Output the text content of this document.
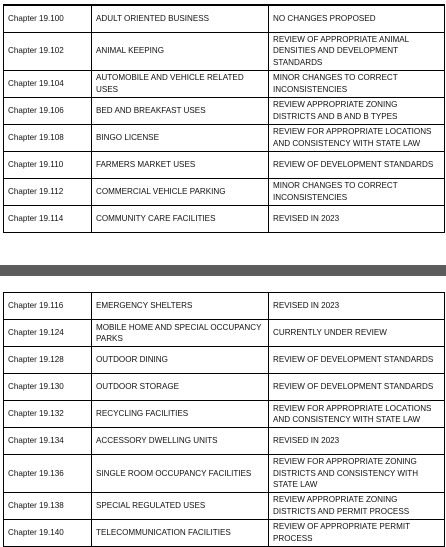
Chapter 19.100	ADULT ORIENTED BUSINESS	NO CHANGES PROPOSED
Chapter 19.102	ANIMAL KEEPING	REVIEW OF APPROPRIATE ANIMAL DENSITIES AND DEVELOPMENT STANDARDS
Chapter 19.104	AUTOMOBILE AND VEHICLE RELATED USES	MINOR CHANGES TO CORRECT INCONSISTENCIES
Chapter 19.106	BED AND BREAKFAST USES	REVIEW APPROPRIATE ZONING DISTRICTS AND B AND B TYPES
Chapter 19.108	BINGO LICENSE	REVIEW FOR APPROPRIATE LOCATIONS AND CONSISTENCY WITH STATE LAW
Chapter 19.110	FARMERS MARKET USES	REVIEW OF DEVELOPMENT STANDARDS
Chapter 19.112	COMMERCIAL VEHICLE PARKING	MINOR CHANGES TO CORRECT INCONSISTENCIES
Chapter 19.114	COMMUNITY CARE FACILITIES	REVISED IN 2023
Chapter 19.116	EMERGENCY SHELTERS	REVISED IN 2023
Chapter 19.124	MOBILE HOME AND SPECIAL OCCUPANCY PARKS	CURRENTLY UNDER REVIEW
Chapter 19.128	OUTDOOR DINING	REVIEW OF DEVELOPMENT STANDARDS
Chapter 19.130	OUTDOOR STORAGE	REVIEW OF DEVELOPMENT STANDARDS
Chapter 19.132	RECYCLING FACILITIES	REVIEW FOR APPROPRIATE LOCATIONS AND CONSISTENCY WITH STATE LAW
Chapter 19.134	ACCESSORY DWELLING UNITS	REVISED IN 2023
Chapter 19.136	SINGLE ROOM OCCUPANCY FACILITIES	REVIEW FOR APPROPRIATE ZONING DISTRICTS AND CONSISTENCY WITH STATE LAW
Chapter 19.138	SPECIAL REGULATED USES	REVIEW APPROPRIATE ZONING DISTRICTS AND PERMIT PROCESS
Chapter 19.140	TELECOMMUNICATION FACILITIES	REVIEW OF APPROPRIATE PERMIT PROCESS
